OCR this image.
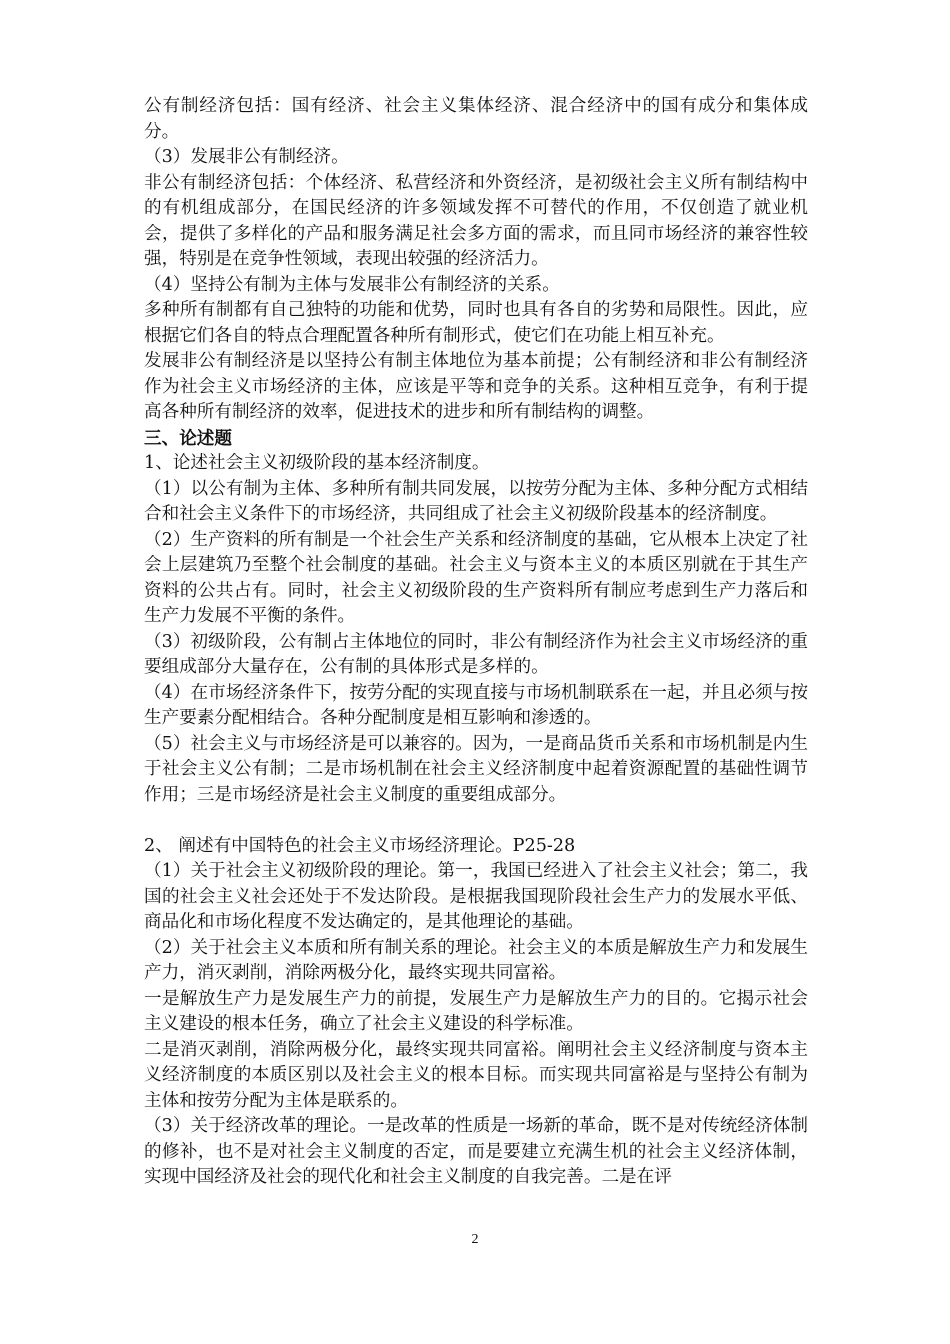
公有制经济包括：国有经济、社会主义集体经济、混合经济中的国有成分和集体成分。

（3）发展非公有制经济。

非公有制经济包括：个体经济、私营经济和外资经济，是初级社会主义所有制结构中的有机组成部分，在国民经济的许多领域发挥不可替代的作用，不仅创造了就业机会，提供了多样化的产品和服务满足社会多方面的需求，而且同市场经济的兼容性较强，特别是在竞争性领域，表现出较强的经济活力。

（4）坚持公有制为主体与发展非公有制经济的关系。

多种所有制都有自己独特的功能和优势，同时也具有各自的劣势和局限性。因此，应根据它们各自的特点合理配置各种所有制形式，使它们在功能上相互补充。

发展非公有制经济是以坚持公有制主体地位为基本前提；公有制经济和非公有制经济作为社会主义市场经济的主体，应该是平等和竞争的关系。这种相互竞争，有利于提高各种所有制经济的效率，促进技术的进步和所有制结构的调整。

三、论述题

1、论述社会主义初级阶段的基本经济制度。

（1）以公有制为主体、多种所有制共同发展，以按劳分配为主体、多种分配方式相结合和社会主义条件下的市场经济，共同组成了社会主义初级阶段基本的经济制度。

（2）生产资料的所有制是一个社会生产关系和经济制度的基础，它从根本上决定了社会上层建筑乃至整个社会制度的基础。社会主义与资本主义的本质区别就在于其生产资料的公共占有。同时，社会主义初级阶段的生产资料所有制应考虑到生产力落后和生产力发展不平衡的条件。

（3）初级阶段，公有制占主体地位的同时，非公有制经济作为社会主义市场经济的重要组成部分大量存在，公有制的具体形式是多样的。

（4）在市场经济条件下，按劳分配的实现直接与市场机制联系在一起，并且必须与按生产要素分配相结合。各种分配制度是相互影响和渗透的。

（5）社会主义与市场经济是可以兼容的。因为，一是商品货币关系和市场机制是内生于社会主义公有制；二是市场机制在社会主义经济制度中起着资源配置的基础性调节作用；三是市场经济是社会主义制度的重要组成部分。

2、 阐述有中国特色的社会主义市场经济理论。P25-28

（1）关于社会主义初级阶段的理论。第一，我国已经进入了社会主义社会；第二，我国的社会主义社会还处于不发达阶段。是根据我国现阶段社会生产力的发展水平低、商品化和市场化程度不发达确定的，是其他理论的基础。

（2）关于社会主义本质和所有制关系的理论。社会主义的本质是解放生产力和发展生产力，消灭剥削，消除两极分化，最终实现共同富裕。

一是解放生产力是发展生产力的前提，发展生产力是解放生产力的目的。它揭示社会主义建设的根本任务，确立了社会主义建设的科学标准。

二是消灭剥削，消除两极分化，最终实现共同富裕。阐明社会主义经济制度与资本主义经济制度的本质区别以及社会主义的根本目标。而实现共同富裕是与坚持公有制为主体和按劳分配为主体是联系的。

（3）关于经济改革的理论。一是改革的性质是一场新的革命，既不是对传统经济体制的修补，也不是对社会主义制度的否定，而是要建立充满生机的社会主义经济体制，实现中国经济及社会的现代化和社会主义制度的自我完善。二是在评

2
